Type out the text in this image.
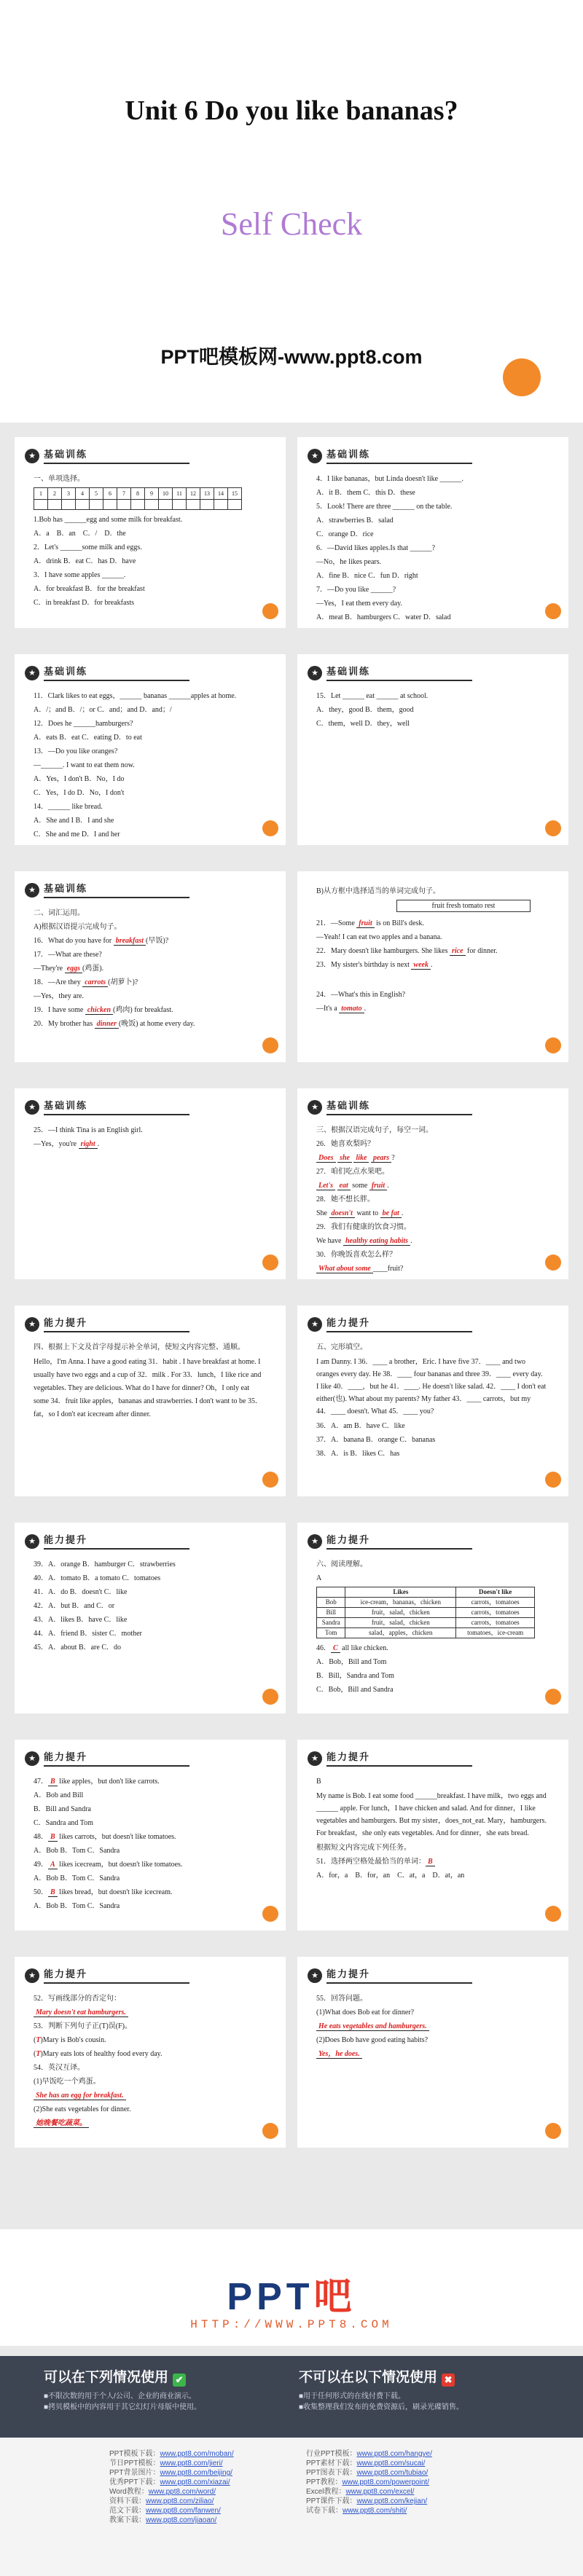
Unit 6 Do you like bananas?
Self Check
PPT吧模板网-www.ppt8.com
★ 基础训练

一、单项选择。

1	2	3	4	5	6	7	8	9	10	11	12	13	14	15

1.Bob has ______egg and some milk for breakfast.

A．a　B．an　C．/　D．the

2．Let's ______some milk and eggs.

A．drink B．eat C．has D．have

3．I have some apples ______.

A．for breakfast B．for the breakfast

C．in breakfast D．for breakfasts

★ 基础训练

4．I like bananas，but Linda doesn't like ______.

A．it B．them C．this D．these

5．Look! There are three ______ on the table.

A．strawberries B．salad

C．orange D．rice

6．—David likes apples.Is that ______?

—No，he likes pears.

A．fine B．nice C．fun D．right

7．—Do you like ______?

—Yes，I eat them every day.

A．meat B．hamburgers C．water D．salad

★ 基础训练

11．Clark likes to eat eggs，______ bananas ______apples at home.

A．/；and B．/；or C．and；and D．and；/

12．Does he ______hamburgers?

A．eats B．eat C．eating D．to eat

13．—Do you like oranges?

—______. I want to eat them now.

A．Yes，I don't B．No，I do

C．Yes，I do D．No，I don't

14．______ like bread.

A．She and I B．I and she

C．She and me D．I and her

★ 基础训练

15．Let ______ eat ______ at school.

A．they，good B．them，good

C．them，well D．they，well

★ 基础训练

二、词汇运用。

A)根据汉语提示完成句子。

16．What do you have for breakfast (早饭)?

17．—What are these?

—They're eggs (鸡蛋).

18．—Are they carrots (胡萝卜)?

—Yes，they are.

19．I have some chicken (鸡肉) for breakfast.

20．My brother has dinner (晚饭) at home every day.

B)从方框中选择适当的单词完成句子。

fruit fresh tomato rest

21．—Some fruit is on Bill's desk.

—Yeah! I can eat two apples and a banana.

22．Mary doesn't like hamburgers. She likes rice for dinner.

23．My sister's birthday is next week .

24．—What's this in English?

—It's a tomato .

★ 基础训练

25．—I think Tina is an English girl.

—Yes，you're right .

★ 基础训练

三、根据汉语完成句子，每空一词。

26．她喜欢梨吗？

Does she like pears ?

27．咱们吃点水果吧。

Let's eat some fruit .

28．她不想长胖。

She doesn't want to be fat .

29．我们有健康的饮食习惯。

We have healthy eating habits .

30．你晚饭喜欢怎么样？

What about some ____fruit?

★ 能力提升

四、根据上下文及首字母提示补全单词，使短文内容完整、通顺。

Hello，I'm Anna. I have a good eating 31．habit . I have breakfast at home. I usually have two eggs and a cup of 32．milk . For 33．lunch，I like rice and vegetables. They are delicious. What do I have for dinner? Oh，I only eat some 34．fruit like apples，bananas and strawberries. I don't want to be 35．fat，so I don't eat icecream after dinner.

★ 能力提升

五、完形填空。

I am Danny. I 36．____ a brother，Eric. I have five 37．____ and two oranges every day. He 38．____ four bananas and three 39．____ every day. I like 40．____，but he 41．____. He doesn't like salad. 42．____ I don't eat either(也). What about my parents? My father 43．____ carrots，but my 44．____ doesn't. What 45．____ you?

36．A．am B．have C．like

37．A．banana B．orange C．bananas

38．A．is B．likes C．has

★ 能力提升

39．A．orange B．hamburger C．strawberries

40．A．tomato B．a tomato C．tomatoes

41．A．do B．doesn't C．like

42．A．but B．and C．or

43．A．likes B．have C．like

44．A．friend B．sister C．mother

45．A．about B．are C．do

★ 能力提升

六、阅读理解。

A

	Likes	Doesn't like
Bob	ice-cream，bananas，chicken	carrots，tomatoes
Bill	fruit，salad，chicken	carrots，tomatoes
Sandra	fruit，salad，chicken	carrots，tomatoes
Tom	salad，apples，chicken	tomatoes，ice-cream

46． C all like chicken.

A．Bob，Bill and Tom

B．Bill，Sandra and Tom

C．Bob，Bill and Sandra

★ 能力提升

47． B like apples，but don't like carrots.

A．Bob and Bill

B．Bill and Sandra

C．Sandra and Tom

48． B likes carrots，but doesn't like tomatoes.

A．Bob B．Tom C．Sandra

49． A likes icecream，but doesn't like tomatoes.

A．Bob B．Tom C．Sandra

50． B likes bread，but doesn't like icecream.

A．Bob B．Tom C．Sandra

★ 能力提升

B

My name is Bob. I eat some food ______breakfast. I have milk，two eggs and ______ apple. For lunch，I have chicken and salad. And for dinner，I like vegetables and hamburgers. But my sister，does_not_eat. Mary，hamburgers. For breakfast，she only eats vegetables. And for dinner，she eats bread.

根据短文内容完成下列任务。

51．选择两空格处最恰当的单词： B

A．for，a　B．for，an　C．at，a　D．at，an

★ 能力提升

52．写画线部分的否定句：

Mary doesn't eat hamburgers.

53．判断下列句子正(T)误(F)。

(T)Mary is Bob's cousin.

(T)Mary eats lots of healthy food every day.

54．英汉互译。

(1)早饭吃一个鸡蛋。

She has an egg for breakfast.

(2)She eats vegetables for dinner.

她晚餐吃蔬菜。

★ 能力提升

55．回答问题。

(1)What does Bob eat for dinner?

He eats vegetables and hamburgers.

(2)Does Bob have good eating habits?

Yes，he does.

PPT吧
HTTP://WWW.PPT8.COM
可以在下列情况使用 ✔
■不限次数的用于个人/公司、企业的商业演示。
■拷贝模板中的内容用于其它幻灯片母版中使用。
不可以在以下情况使用 ✖
■用于任何形式的在线付费下载。
■收集整理我们发布的免费资源后，刷录光碟销售。
PPT模板下载：www.ppt8.com/moban/
节日PPT模板：www.ppt8.com/jieri/
PPT背景图片：www.ppt8.com/beijing/
优秀PPT下载：www.ppt8.com/xiazai/
Word教程：www.ppt8.com/word/
资料下载：www.ppt8.com/ziliao/
范文下载：www.ppt8.com/fanwen/
教案下载：www.ppt8.com/jiaoan/
行业PPT模板：www.ppt8.com/hangye/
PPT素材下载：www.ppt8.com/sucai/
PPT图表下载：www.ppt8.com/tubiao/
PPT教程：www.ppt8.com/powerpoint/
Excel教程：www.ppt8.com/excel/
PPT课件下载：www.ppt8.com/kejian/
试卷下载：www.ppt8.com/shiti/
